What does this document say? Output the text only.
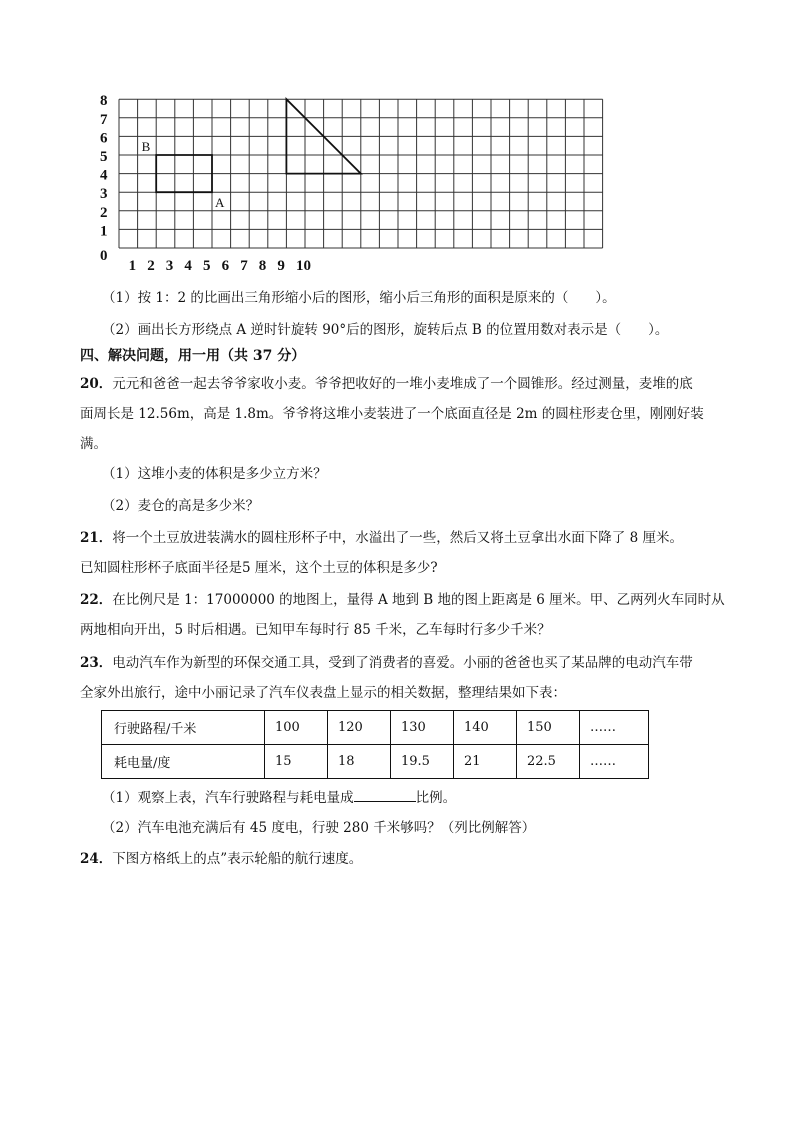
0
1
2
3
4
5
6
7
8
1 2 3 4 5 6 7 8 9 10
B
A
（1）按 1：2 的比画出三角形缩小后的图形，缩小后三角形的面积是原来的（　　）。
（2）画出长方形绕点 A 逆时针旋转 90°后的图形，旋转后点 B 的位置用数对表示是（　　）。
四、解决问题，用一用（共 37 分）
20．元元和爸爸一起去爷爷家收小麦。爷爷把收好的一堆小麦堆成了一个圆锥形。经过测量，麦堆的底
面周长是 12.56m，高是 1.8m。爷爷将这堆小麦装进了一个底面直径是 2m 的圆柱形麦仓里，刚刚好装
满。
（1）这堆小麦的体积是多少立方米？
（2）麦仓的高是多少米？
21．将一个土豆放进装满水的圆柱形杯子中，水溢出了一些，然后又将土豆拿出水面下降了 8 厘米。
已知圆柱形杯子底面半径是5 厘米，这个土豆的体积是多少?
22．在比例尺是 1：17000000 的地图上，量得 A 地到 B 地的图上距离是 6 厘米。甲、乙两列火车同时从
两地相向开出，5 时后相遇。已知甲车每时行 85 千米，乙车每时行多少千米？
23．电动汽车作为新型的环保交通工具，受到了消费者的喜爱。小丽的爸爸也买了某品牌的电动汽车带
全家外出旅行，途中小丽记录了汽车仪表盘上显示的相关数据，整理结果如下表：
行驶路程/千米	100	120	130	140	150	……
耗电量/度	15	18	19.5	21	22.5	……
（1）观察上表，汽车行驶路程与耗电量成	比例。
（2）汽车电池充满后有 45 度电，行驶 280 千米够吗？（列比例解答）
24．下图方格纸上的点”表示轮船的航行速度。
